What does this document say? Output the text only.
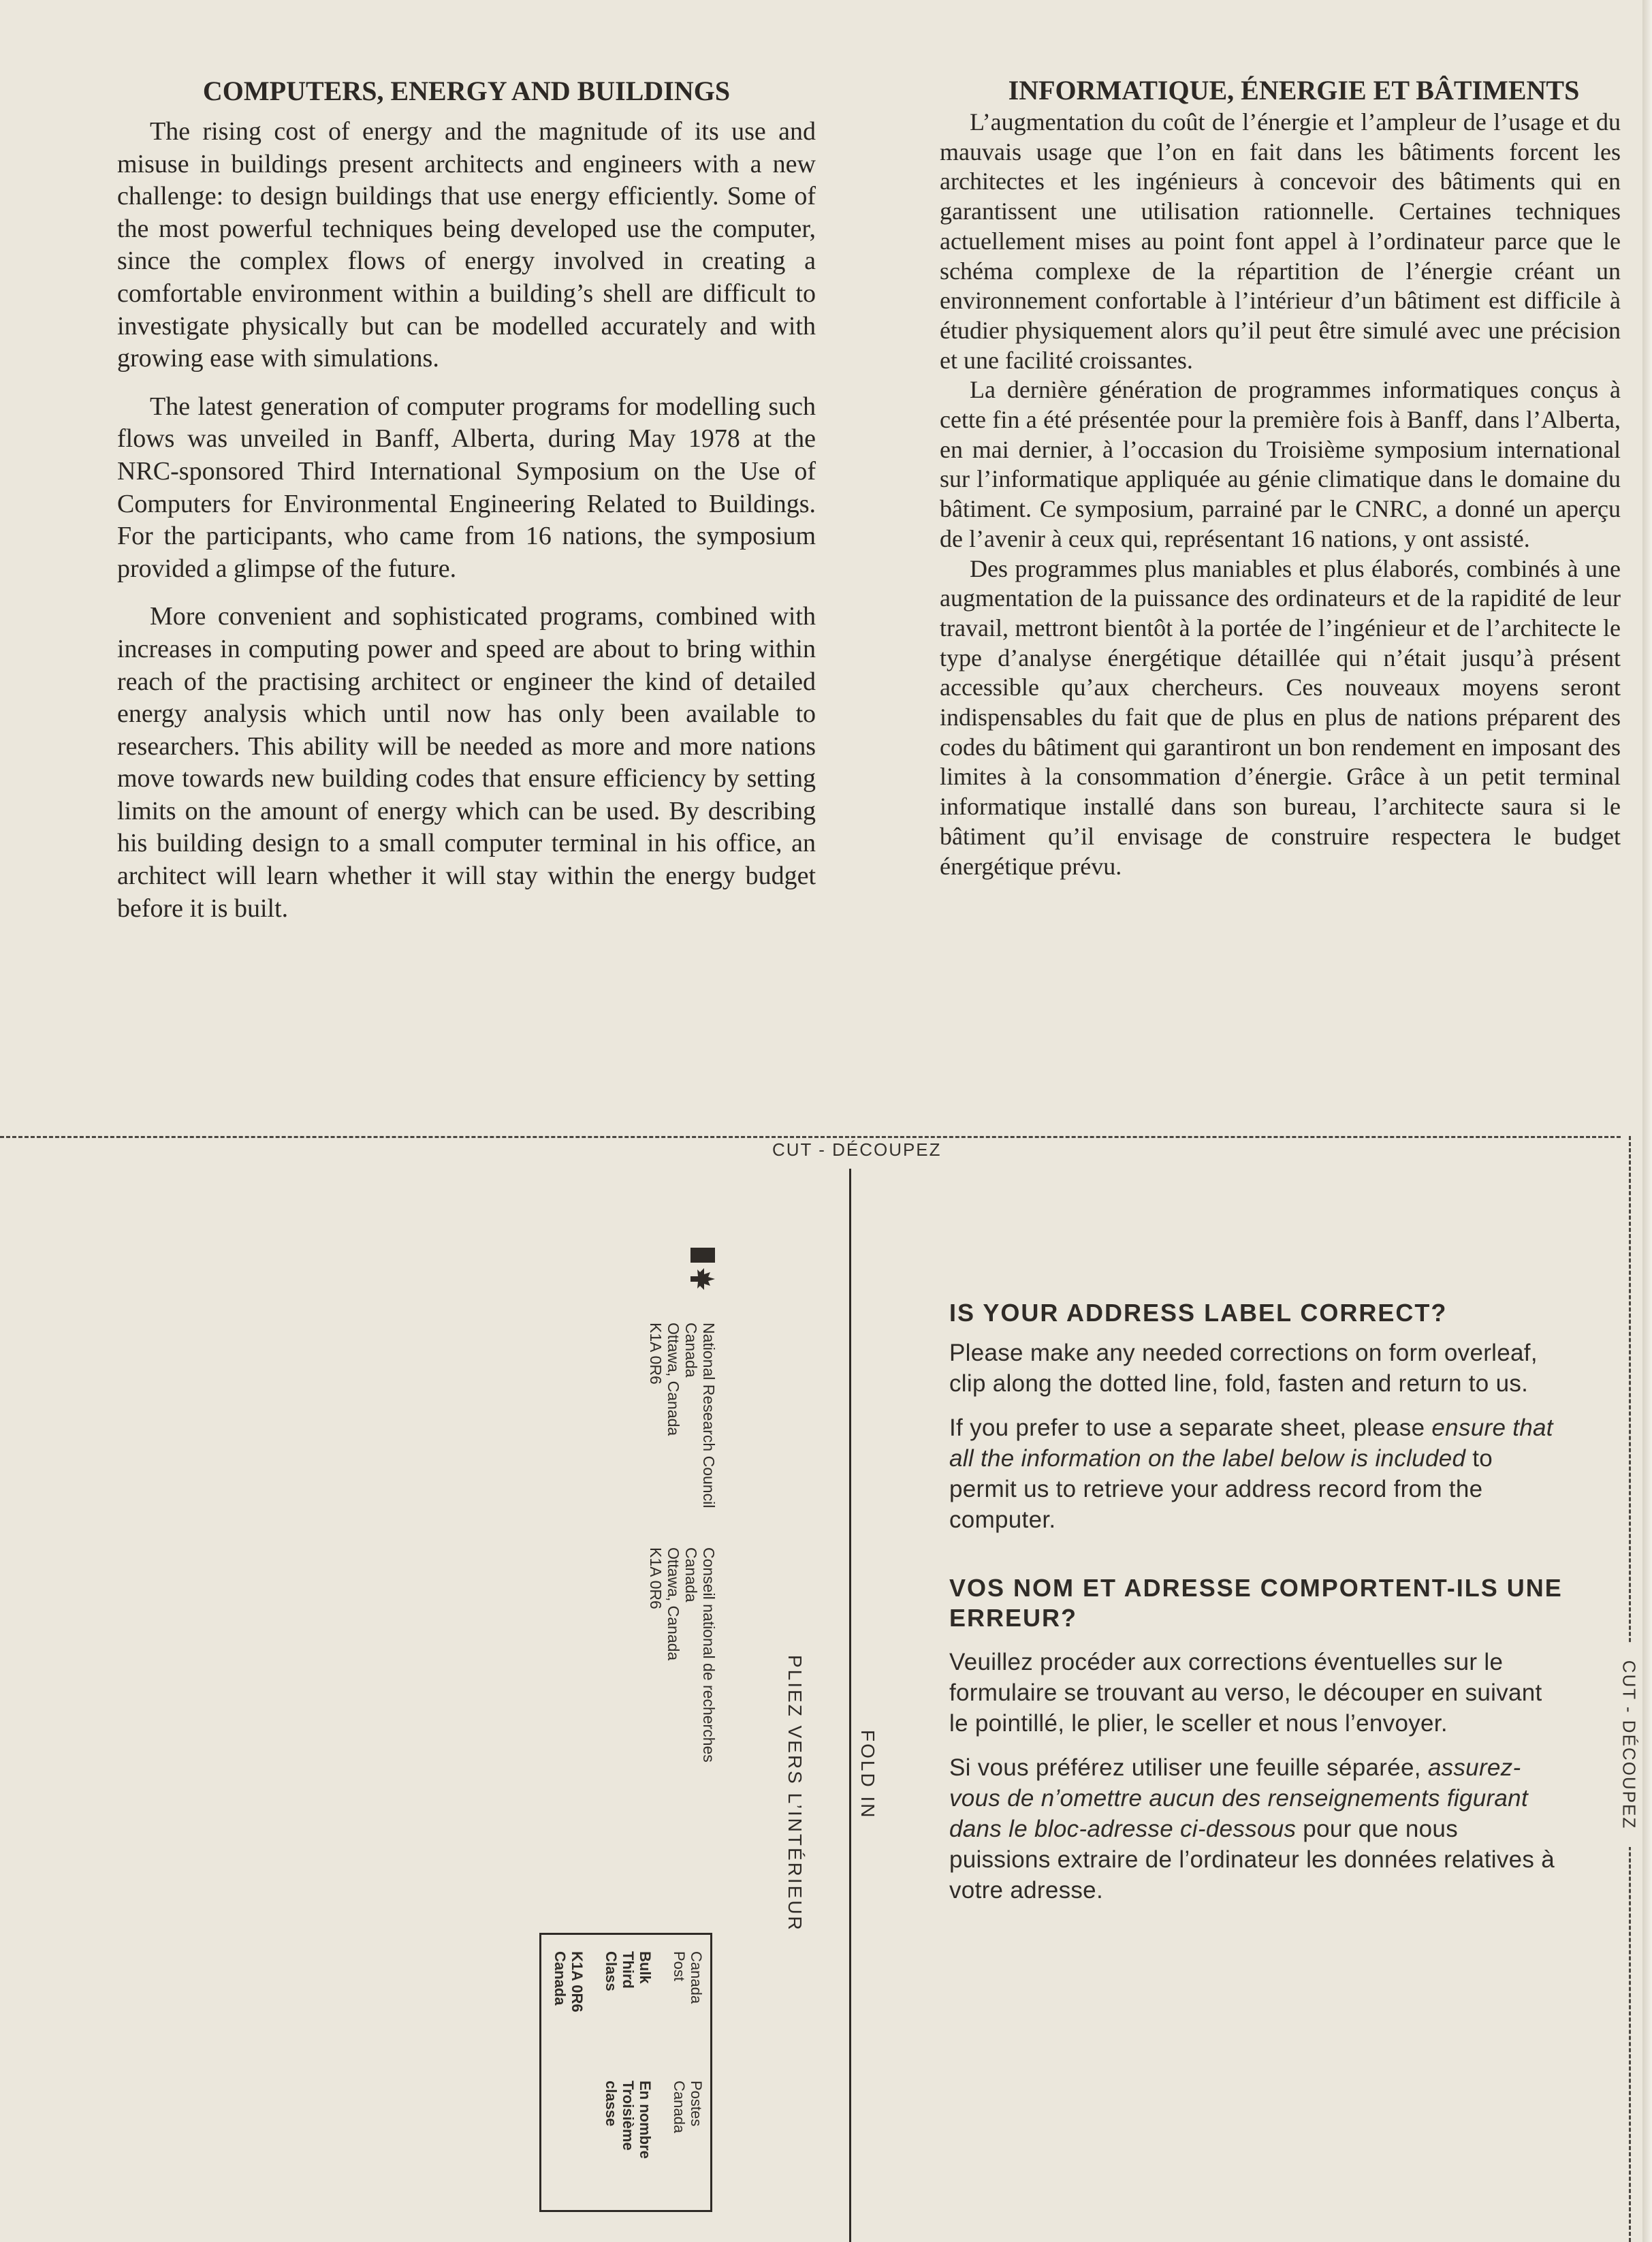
COMPUTERS, ENERGY AND BUILDINGS

The rising cost of energy and the magnitude of its use and misuse in buildings present architects and engineers with a new challenge: to design buildings that use energy efficiently. Some of the most powerful techniques being developed use the computer, since the complex flows of energy involved in creating a comfortable environment within a building’s shell are difficult to investigate physically but can be modelled accurately and with growing ease with simulations.

The latest generation of computer programs for modelling such flows was unveiled in Banff, Alberta, during May 1978 at the NRC-sponsored Third International Symposium on the Use of Computers for Environmental Engineering Related to Buildings. For the participants, who came from 16 nations, the symposium provided a glimpse of the future.

More convenient and sophisticated programs, combined with increases in computing power and speed are about to bring within reach of the practising architect or engineer the kind of detailed energy analysis which until now has only been available to researchers. This ability will be needed as more and more nations move towards new building codes that ensure efficiency by setting limits on the amount of energy which can be used. By describing his building design to a small computer terminal in his office, an architect will learn whether it will stay within the energy budget before it is built.

INFORMATIQUE, ÉNERGIE ET BÂTIMENTS

L’augmentation du coût de l’énergie et l’ampleur de l’usage et du mauvais usage que l’on en fait dans les bâtiments forcent les architectes et les ingénieurs à concevoir des bâtiments qui en garantissent une utilisation rationnelle. Certaines techniques actuellement mises au point font appel à l’ordinateur parce que le schéma complexe de la répartition de l’énergie créant un environnement confortable à l’intérieur d’un bâtiment est difficile à étudier physiquement alors qu’il peut être simulé avec une précision et une facilité croissantes.

La dernière génération de programmes informatiques conçus à cette fin a été présentée pour la première fois à Banff, dans l’Alberta, en mai dernier, à l’occasion du Troisième symposium international sur l’informatique appliquée au génie climatique dans le domaine du bâtiment. Ce symposium, parrainé par le CNRC, a donné un aperçu de l’avenir à ceux qui, représentant 16 nations, y ont assisté.

Des programmes plus maniables et plus élaborés, combinés à une augmentation de la puissance des ordinateurs et de la rapidité de leur travail, mettront bientôt à la portée de l’ingénieur et de l’architecte le type d’analyse énergétique détaillée qui n’était jusqu’à présent accessible qu’aux chercheurs. Ces nouveaux moyens seront indispensables du fait que de plus en plus de nations préparent des codes du bâtiment qui garantiront un bon rendement en imposant des limites à la consommation d’énergie. Grâce à un petit terminal informatique installé dans son bureau, l’architecte saura si le bâtiment qu’il envisage de construire respectera le budget énergétique prévu.

CUT - DÉCOUPEZ
CUT - DÉCOUPEZ
PLIEZ VERS L’INTÉRIEUR	FOLD IN
National Research Council
Canada
Ottawa, Canada
K1A 0R6
Conseil national de recherches
Canada
Ottawa, Canada
K1A 0R6
Canada
Post
Bulk
Third
Class
K1A 0R6
Canada
Postes
Canada
En nombre
Troisième
classe
IS YOUR ADDRESS LABEL CORRECT?

Please make any needed corrections on form overleaf, clip along the dotted line, fold, fasten and return to us.

If you prefer to use a separate sheet, please ensure that all the information on the label below is included to permit us to retrieve your address record from the computer.

VOS NOM ET ADRESSE COMPORTENT-ILS UNE ERREUR?

Veuillez procéder aux corrections éventuelles sur le formulaire se trouvant au verso, le découper en suivant le pointillé, le plier, le sceller et nous l’envoyer.

Si vous préférez utiliser une feuille séparée, assurez-vous de n’omettre aucun des renseignements figurant dans le bloc-adresse ci-dessous pour que nous puissions extraire de l’ordinateur les données relatives à votre adresse.
